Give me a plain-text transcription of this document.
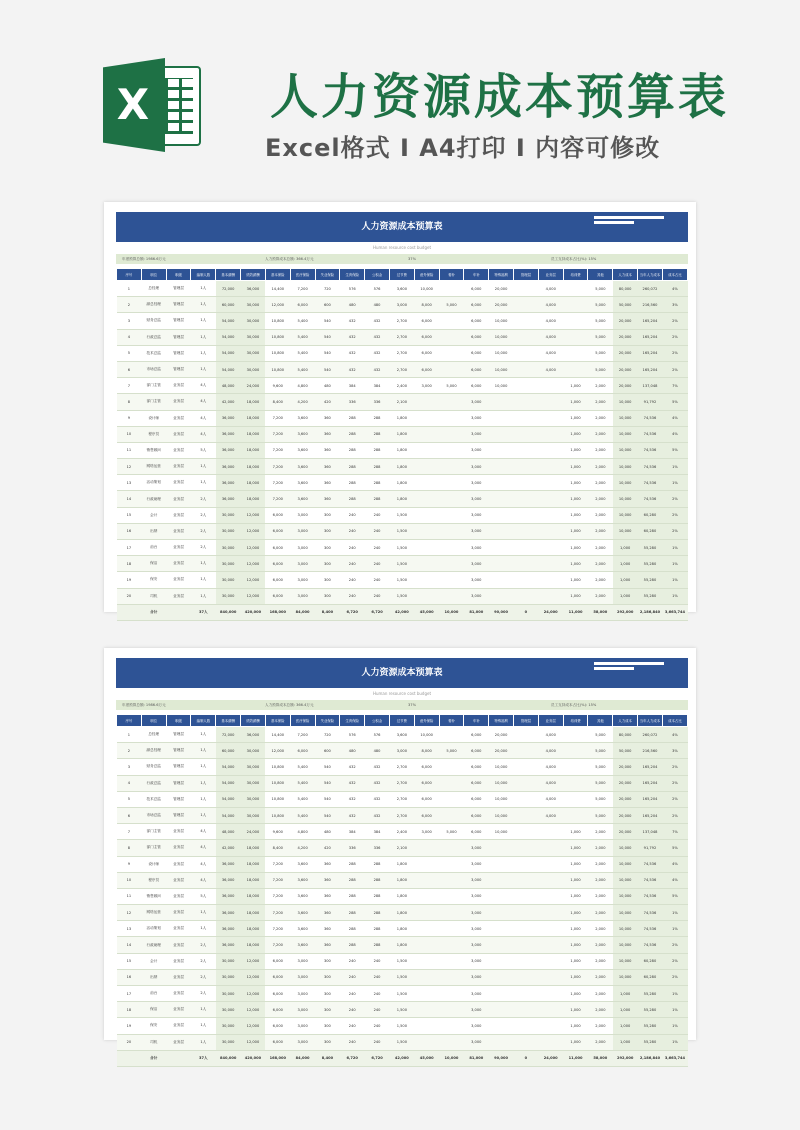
X	人力资源成本预算表
Excel格式 Ⅰ A4打印 Ⅰ 内容可修改
人力资源成本预算表
Human resource cost budget
年度预算总额: 1986.6万元	人力预算成本总额: 366.4万元	37%	员工支持成本占比(%): 15%
序号	职位	职级	编制人数	基本薪酬	绩效薪酬	基本保险	医疗保险	失业保险	生育保险	公积金	过节费	意外保险	餐补	车补	特殊福利	管理层	业务层	培训费	其他	人力成本	当年人力成本	成本占比
1	总经理	管理层	1人	72,000	36,000	14,400	7,200	720	576	576	3,600	10,000		6,000	20,000		4,000		5,000	80,000	260,072	4%
2	副总经理	管理层	1人	60,000	30,000	12,000	6,000	600	480	480	3,000	8,000	5,000	6,000	20,000		4,000		5,000	50,000	216,560	3%
3	财务总监	管理层	1人	54,000	30,000	10,800	5,400	540	432	432	2,700	6,000		6,000	10,000		4,000		5,000	20,000	165,204	2%
4	行政总监	管理层	1人	54,000	30,000	10,800	5,400	540	432	432	2,700	6,000		6,000	10,000		4,000		5,000	20,000	165,204	2%
5	技术总监	管理层	1人	54,000	30,000	10,800	5,400	540	432	432	2,700	6,000		6,000	10,000		4,000		5,000	20,000	165,204	2%
6	市场总监	管理层	1人	54,000	30,000	10,800	5,400	540	432	432	2,700	6,000		6,000	10,000		4,000		5,000	20,000	165,204	2%
7	部门主管	业务层	4人	48,000	24,000	9,600	4,800	480	384	384	2,400	3,000	5,000	6,000	10,000			1,000	2,000	20,000	137,048	7%
8	部门主管	业务层	4人	42,000	18,000	8,400	4,200	420	336	336	2,100			3,000				1,000	2,000	10,000	91,792	5%
9	设计师	业务层	4人	36,000	18,000	7,200	3,600	360	288	288	1,800			3,000				1,000	2,000	10,000	74,536	4%
10	程序员	业务层	4人	36,000	18,000	7,200	3,600	360	288	288	1,800			3,000				1,000	2,000	10,000	74,536	4%
11	销售顾问	业务层	5人	36,000	18,000	7,200	3,600	360	288	288	1,800			3,000				1,000	2,000	10,000	74,536	5%
12	网络运营	业务层	1人	36,000	18,000	7,200	3,600	360	288	288	1,800			3,000				1,000	2,000	10,000	74,536	1%
13	活动策划	业务层	1人	36,000	18,000	7,200	3,600	360	288	288	1,800			3,000				1,000	2,000	10,000	74,536	1%
14	行政助理	业务层	2人	36,000	18,000	7,200	3,600	360	288	288	1,800			3,000				1,000	2,000	10,000	74,536	2%
15	会计	业务层	2人	30,000	12,000	6,000	3,000	300	240	240	1,500			3,000				1,000	2,000	10,000	60,280	2%
16	出纳	业务层	2人	30,000	12,000	6,000	3,000	300	240	240	1,500			3,000				1,000	2,000	10,000	60,280	2%
17	前台	业务层	2人	30,000	12,000	6,000	3,000	300	240	240	1,500			3,000				1,000	2,000	1,000	55,280	1%
18	保洁	业务层	1人	30,000	12,000	6,000	3,000	300	240	240	1,500			3,000				1,000	2,000	1,000	55,280	1%
19	保安	业务层	1人	30,000	12,000	6,000	3,000	300	240	240	1,500			3,000				1,000	2,000	1,000	55,280	1%
20	司机	业务层	1人	30,000	12,000	6,000	3,000	300	240	240	1,500			3,000				1,000	2,000	1,000	55,280	1%
	合计		37人	840,000	420,000	168,000	84,000	8,400	6,720	6,720	42,000	45,000	10,000	81,000	90,000	0	24,000	11,000	58,000	292,000	2,186,840	3,663,744
人力资源成本预算表
Human resource cost budget
年度预算总额: 1986.6万元	人力预算成本总额: 366.4万元	37%	员工支持成本占比(%): 15%
序号	职位	职级	编制人数	基本薪酬	绩效薪酬	基本保险	医疗保险	失业保险	生育保险	公积金	过节费	意外保险	餐补	车补	特殊福利	管理层	业务层	培训费	其他	人力成本	当年人力成本	成本占比
1	总经理	管理层	1人	72,000	36,000	14,400	7,200	720	576	576	3,600	10,000		6,000	20,000		4,000		5,000	80,000	260,072	4%
2	副总经理	管理层	1人	60,000	30,000	12,000	6,000	600	480	480	3,000	8,000	5,000	6,000	20,000		4,000		5,000	50,000	216,560	3%
3	财务总监	管理层	1人	54,000	30,000	10,800	5,400	540	432	432	2,700	6,000		6,000	10,000		4,000		5,000	20,000	165,204	2%
4	行政总监	管理层	1人	54,000	30,000	10,800	5,400	540	432	432	2,700	6,000		6,000	10,000		4,000		5,000	20,000	165,204	2%
5	技术总监	管理层	1人	54,000	30,000	10,800	5,400	540	432	432	2,700	6,000		6,000	10,000		4,000		5,000	20,000	165,204	2%
6	市场总监	管理层	1人	54,000	30,000	10,800	5,400	540	432	432	2,700	6,000		6,000	10,000		4,000		5,000	20,000	165,204	2%
7	部门主管	业务层	4人	48,000	24,000	9,600	4,800	480	384	384	2,400	3,000	5,000	6,000	10,000			1,000	2,000	20,000	137,048	7%
8	部门主管	业务层	4人	42,000	18,000	8,400	4,200	420	336	336	2,100			3,000				1,000	2,000	10,000	91,792	5%
9	设计师	业务层	4人	36,000	18,000	7,200	3,600	360	288	288	1,800			3,000				1,000	2,000	10,000	74,536	4%
10	程序员	业务层	4人	36,000	18,000	7,200	3,600	360	288	288	1,800			3,000				1,000	2,000	10,000	74,536	4%
11	销售顾问	业务层	5人	36,000	18,000	7,200	3,600	360	288	288	1,800			3,000				1,000	2,000	10,000	74,536	5%
12	网络运营	业务层	1人	36,000	18,000	7,200	3,600	360	288	288	1,800			3,000				1,000	2,000	10,000	74,536	1%
13	活动策划	业务层	1人	36,000	18,000	7,200	3,600	360	288	288	1,800			3,000				1,000	2,000	10,000	74,536	1%
14	行政助理	业务层	2人	36,000	18,000	7,200	3,600	360	288	288	1,800			3,000				1,000	2,000	10,000	74,536	2%
15	会计	业务层	2人	30,000	12,000	6,000	3,000	300	240	240	1,500			3,000				1,000	2,000	10,000	60,280	2%
16	出纳	业务层	2人	30,000	12,000	6,000	3,000	300	240	240	1,500			3,000				1,000	2,000	10,000	60,280	2%
17	前台	业务层	2人	30,000	12,000	6,000	3,000	300	240	240	1,500			3,000				1,000	2,000	1,000	55,280	1%
18	保洁	业务层	1人	30,000	12,000	6,000	3,000	300	240	240	1,500			3,000				1,000	2,000	1,000	55,280	1%
19	保安	业务层	1人	30,000	12,000	6,000	3,000	300	240	240	1,500			3,000				1,000	2,000	1,000	55,280	1%
20	司机	业务层	1人	30,000	12,000	6,000	3,000	300	240	240	1,500			3,000				1,000	2,000	1,000	55,280	1%
	合计		37人	840,000	420,000	168,000	84,000	8,400	6,720	6,720	42,000	45,000	10,000	81,000	90,000	0	24,000	11,000	58,000	292,000	2,186,840	3,663,744
